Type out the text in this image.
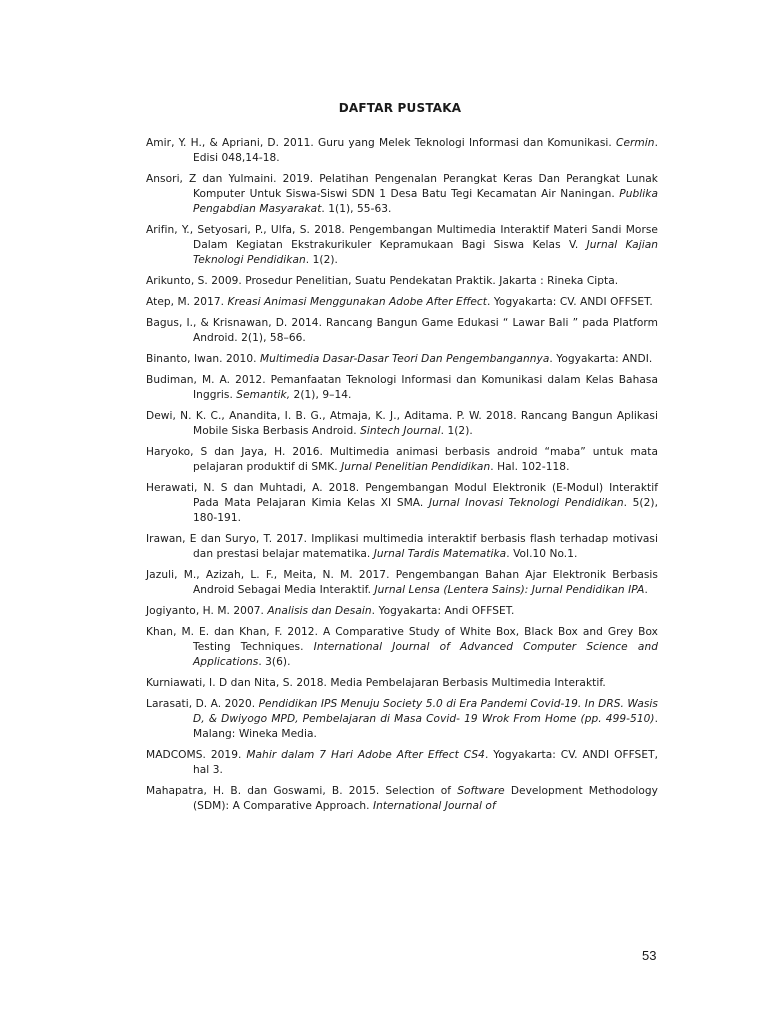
DAFTAR PUSTAKA
Amir, Y. H., & Apriani, D. 2011. Guru yang Melek Teknologi Informasi dan Komunikasi. Cermin. Edisi 048,14-18.
Ansori, Z dan Yulmaini. 2019. Pelatihan Pengenalan Perangkat Keras Dan Perangkat Lunak Komputer Untuk Siswa-Siswi SDN 1 Desa Batu Tegi Kecamatan Air Naningan. Publika Pengabdian Masyarakat. 1(1), 55-63.
Arifin, Y., Setyosari, P., Ulfa, S. 2018. Pengembangan Multimedia Interaktif Materi Sandi Morse Dalam Kegiatan Ekstrakurikuler Kepramukaan Bagi Siswa Kelas V. Jurnal Kajian Teknologi Pendidikan. 1(2).
Arikunto, S. 2009. Prosedur Penelitian, Suatu Pendekatan Praktik. Jakarta : Rineka Cipta.
Atep, M. 2017. Kreasi Animasi Menggunakan Adobe After Effect. Yogyakarta: CV. ANDI OFFSET.
Bagus, I., & Krisnawan, D. 2014. Rancang Bangun Game Edukasi “ Lawar Bali ” pada Platform Android. 2(1), 58–66.
Binanto, Iwan. 2010. Multimedia Dasar-Dasar Teori Dan Pengembangannya. Yogyakarta: ANDI.
Budiman, M. A. 2012. Pemanfaatan Teknologi Informasi dan Komunikasi dalam Kelas Bahasa Inggris. Semantik, 2(1), 9–14.
Dewi, N. K. C., Anandita, I. B. G., Atmaja, K. J., Aditama. P. W. 2018. Rancang Bangun Aplikasi Mobile Siska Berbasis Android. Sintech Journal. 1(2).
Haryoko, S dan Jaya, H. 2016. Multimedia animasi berbasis android “maba” untuk mata pelajaran produktif di SMK. Jurnal Penelitian Pendidikan. Hal. 102-118.
Herawati, N. S dan Muhtadi, A. 2018. Pengembangan Modul Elektronik (E-Modul) Interaktif Pada Mata Pelajaran Kimia Kelas XI SMA. Jurnal Inovasi Teknologi Pendidikan. 5(2), 180-191.
Irawan, E dan Suryo, T. 2017. Implikasi multimedia interaktif berbasis flash terhadap motivasi dan prestasi belajar matematika. Jurnal Tardis Matematika. Vol.10 No.1.
Jazuli, M., Azizah, L. F., Meita, N. M. 2017. Pengembangan Bahan Ajar Elektronik Berbasis Android Sebagai Media Interaktif. Jurnal Lensa (Lentera Sains): Jurnal Pendidikan IPA.
Jogiyanto, H. M. 2007. Analisis dan Desain. Yogyakarta: Andi OFFSET.
Khan, M. E. dan Khan, F. 2012. A Comparative Study of White Box, Black Box and Grey Box Testing Techniques. International Journal of Advanced Computer Science and Applications. 3(6).
Kurniawati, I. D dan Nita, S. 2018. Media Pembelajaran Berbasis Multimedia Interaktif.
Larasati, D. A. 2020. Pendidikan IPS Menuju Society 5.0 di Era Pandemi Covid-19. In DRS. Wasis D, & Dwiyogo MPD, Pembelajaran di Masa Covid- 19 Wrok From Home (pp. 499-510). Malang: Wineka Media.
MADCOMS. 2019. Mahir dalam 7 Hari Adobe After Effect CS4. Yogyakarta: CV. ANDI OFFSET, hal 3.
Mahapatra, H. B. dan Goswami, B. 2015. Selection of Software Development Methodology (SDM): A Comparative Approach. International Journal of
53
